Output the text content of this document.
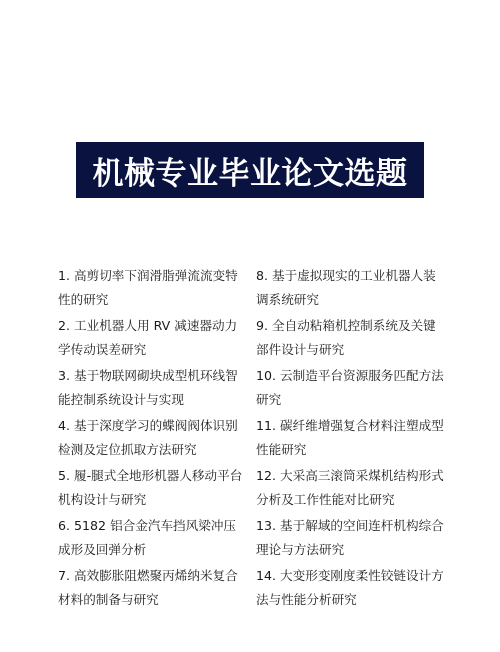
机械专业毕业论文选题
1. 高剪切率下润滑脂弹流流变特性的研究
2. 工业机器人用 RV 减速器动力学传动误差研究
3. 基于物联网砌块成型机环线智能控制系统设计与实现
4. 基于深度学习的蝶阀阀体识别检测及定位抓取方法研究
5. 履-腿式全地形机器人移动平台机构设计与研究
6. 5182 铝合金汽车挡风梁冲压成形及回弹分析
7. 高效膨胀阻燃聚丙烯纳米复合材料的制备与研究
8. 基于虚拟现实的工业机器人装调系统研究
9. 全自动粘箱机控制系统及关键部件设计与研究
10. 云制造平台资源服务匹配方法研究
11. 碳纤维增强复合材料注塑成型性能研究
12. 大采高三滚筒采煤机结构形式分析及工作性能对比研究
13. 基于解域的空间连杆机构综合理论与方法研究
14. 大变形变刚度柔性铰链设计方法与性能分析研究
